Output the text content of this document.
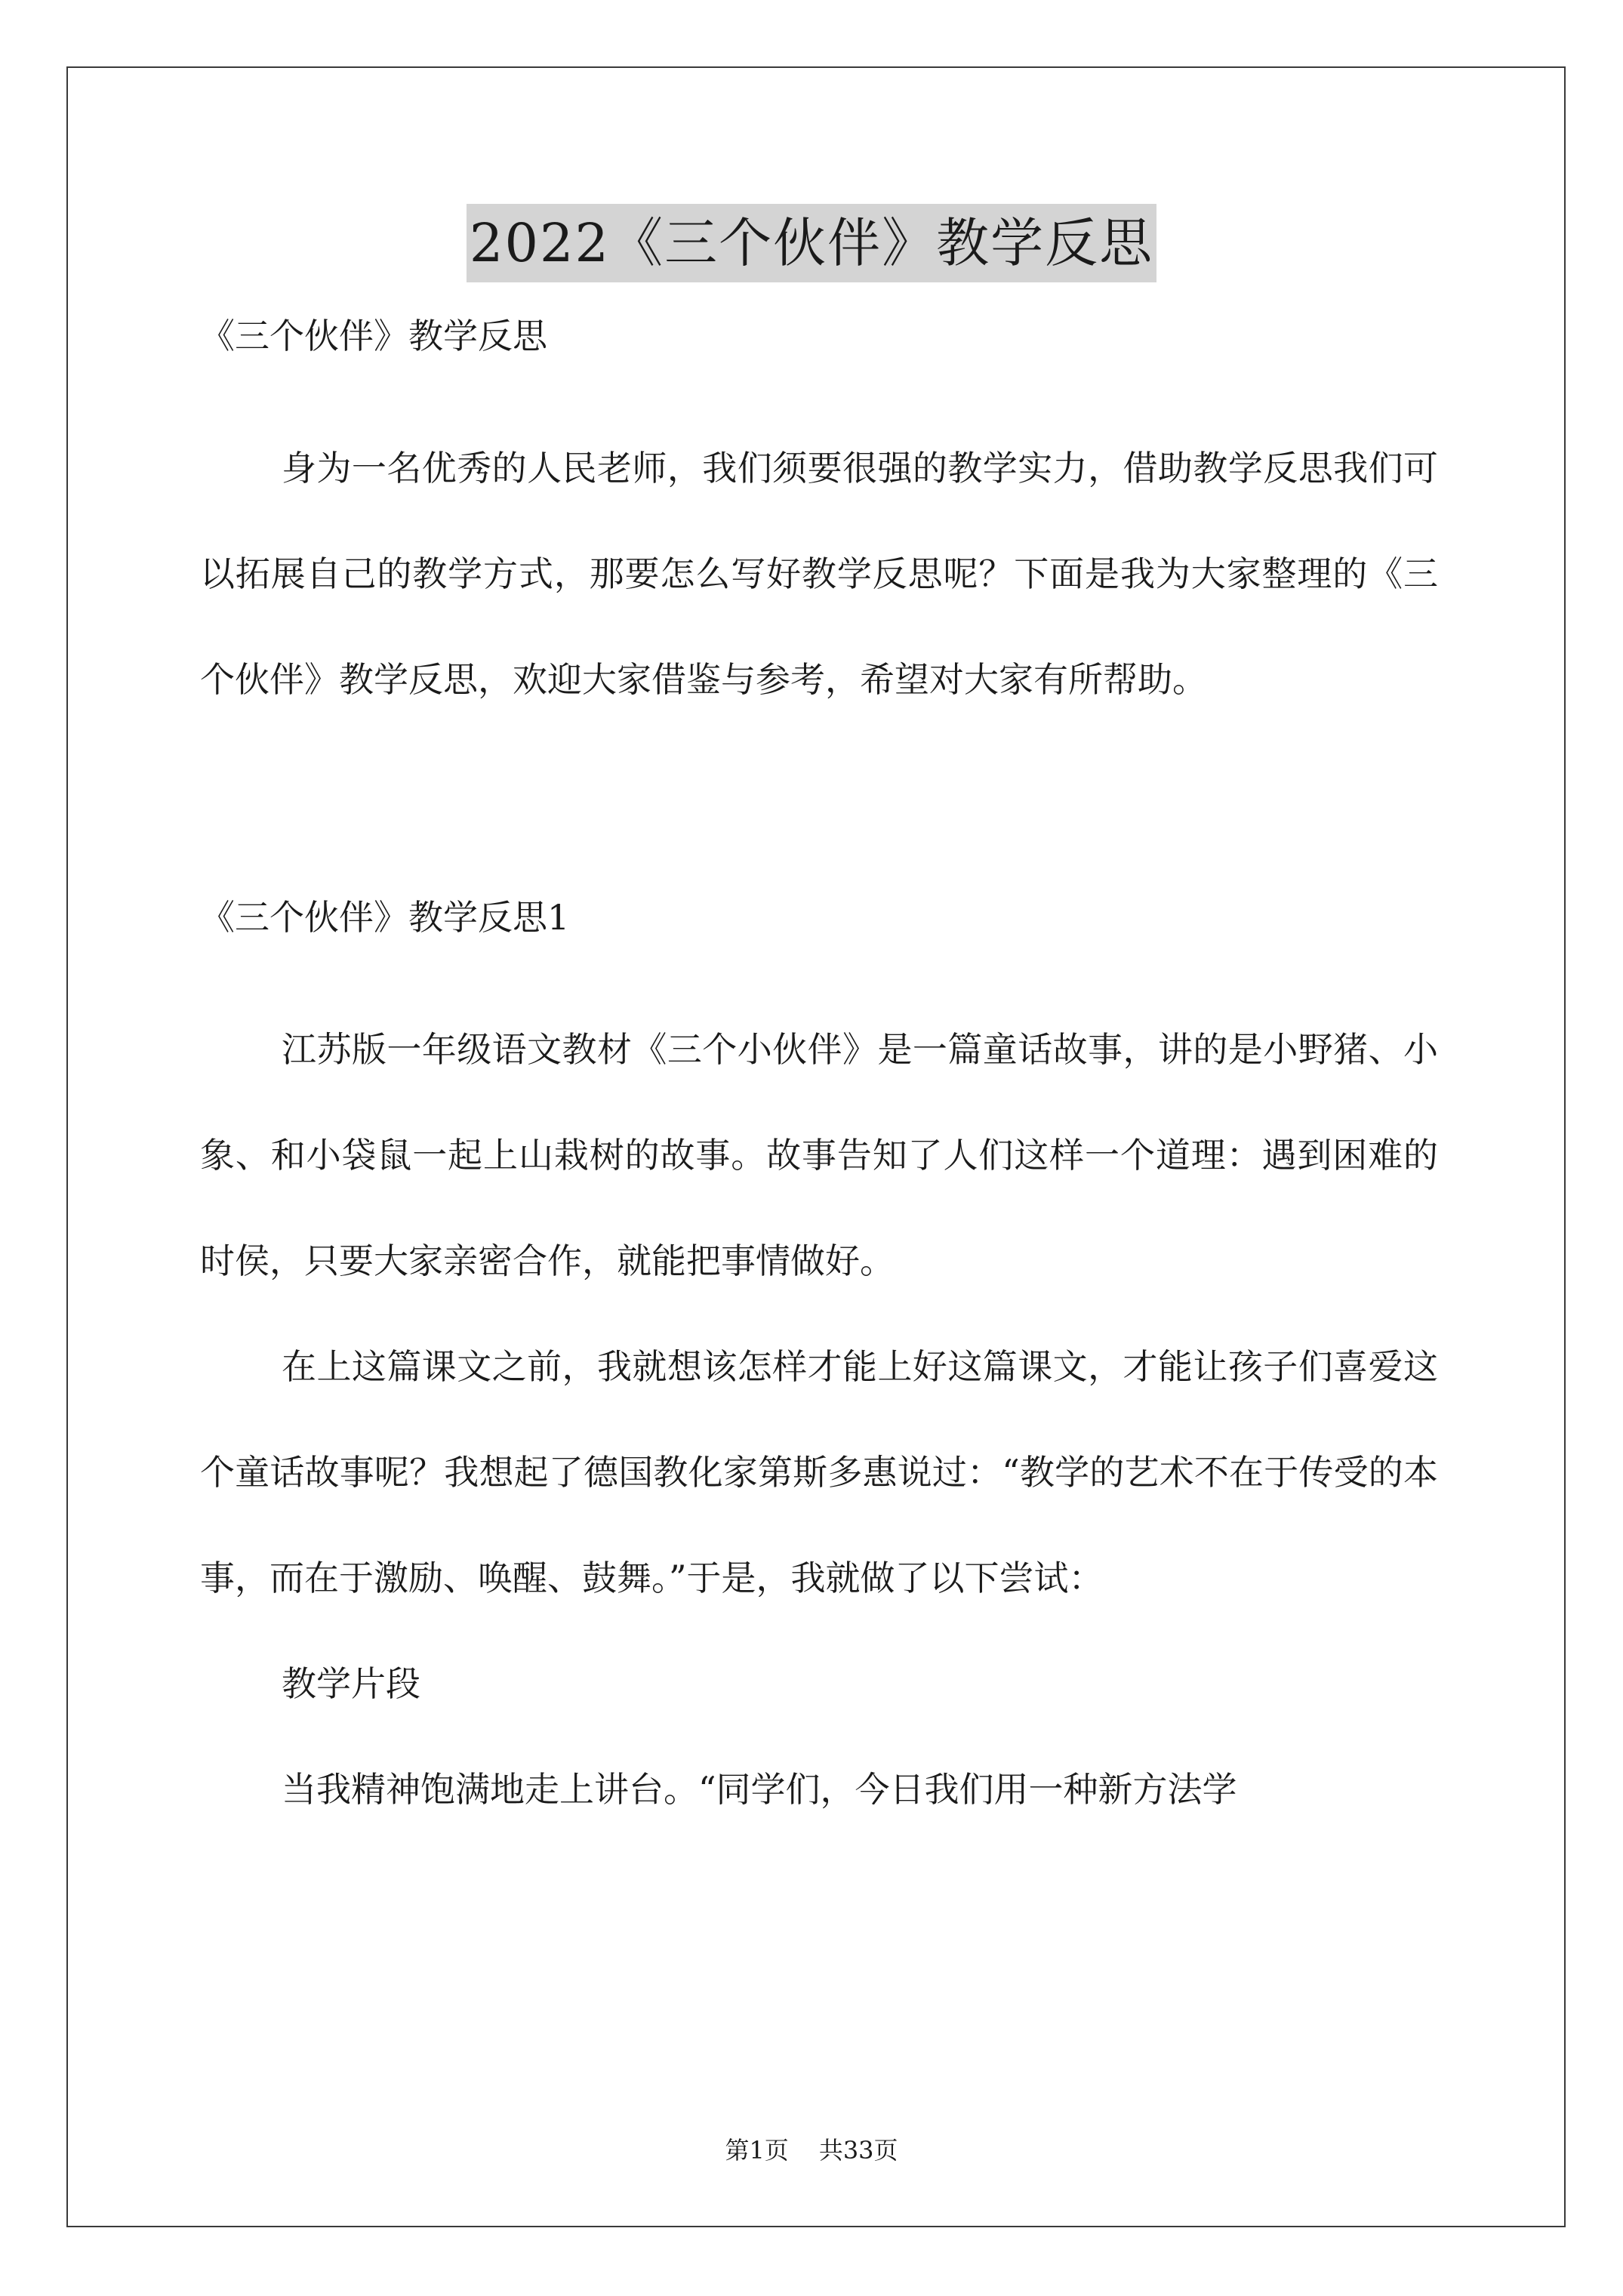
2022《三个伙伴》教学反思

《三个伙伴》教学反思

身为一名优秀的人民老师，我们须要很强的教学实力，借助教学反思我们可以拓展自己的教学方式，那要怎么写好教学反思呢？下面是我为大家整理的《三个伙伴》教学反思，欢迎大家借鉴与参考，希望对大家有所帮助。

《三个伙伴》教学反思1

江苏版一年级语文教材《三个小伙伴》是一篇童话故事，讲的是小野猪、小象、和小袋鼠一起上山栽树的故事。故事告知了人们这样一个道理：遇到困难的时侯，只要大家亲密合作，就能把事情做好。

在上这篇课文之前，我就想该怎样才能上好这篇课文，才能让孩子们喜爱这个童话故事呢？我想起了德国教化家第斯多惠说过：“教学的艺术不在于传受的本事，而在于激励、唤醒、鼓舞。”于是，我就做了以下尝试：

教学片段

当我精神饱满地走上讲台。“同学们，今日我们用一种新方法学

第1页 共33页
